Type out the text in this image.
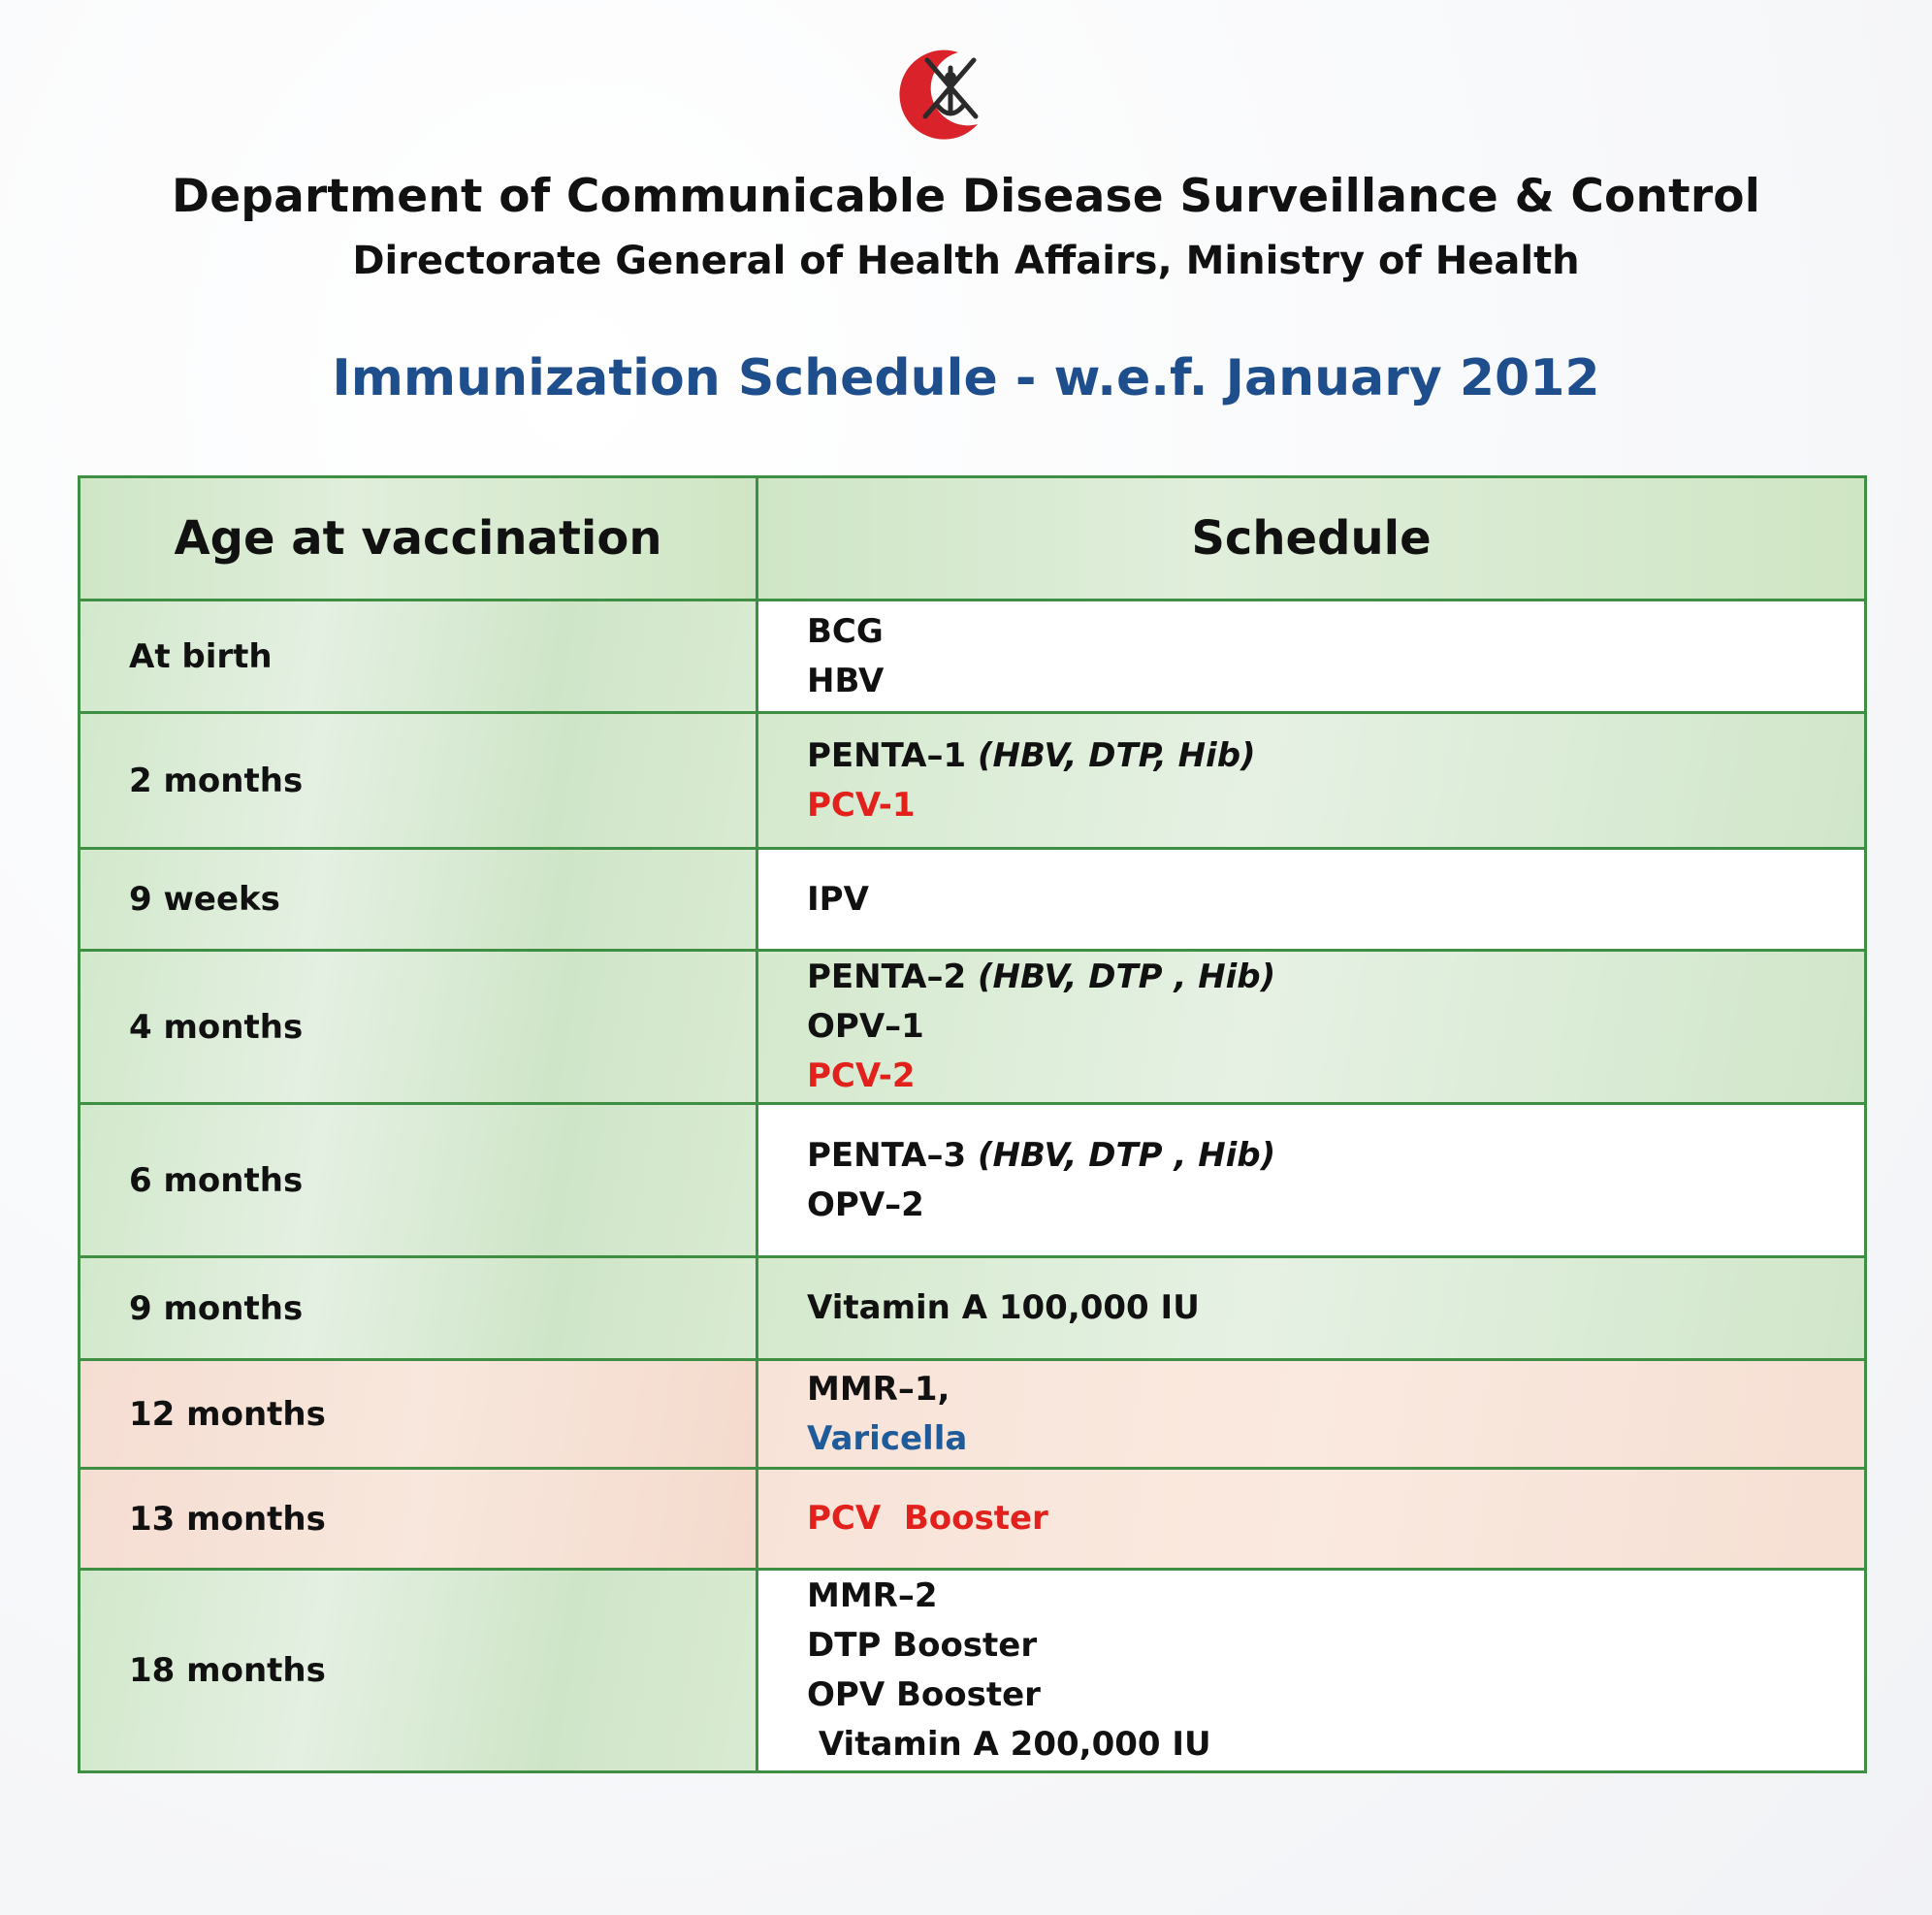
Department of Communicable Disease Surveillance & Control
Directorate General of Health Affairs, Ministry of Health
Immunization Schedule - w.e.f. January 2012
Age at vaccination	Schedule
At birth	BCG
HBV

2 months	PENTA–1 (HBV, DTP, Hib)
PCV-1

9 weeks	IPV

4 months	PENTA–2 (HBV, DTP , Hib)
OPV–1
PCV-2

6 months	PENTA–3 (HBV, DTP , Hib)
OPV–2

9 months	Vitamin A 100,000 IU

12 months	MMR–1,
Varicella

13 months	PCV  Booster

18 months	MMR–2
DTP Booster
OPV Booster
Vitamin A 200,000 IU
